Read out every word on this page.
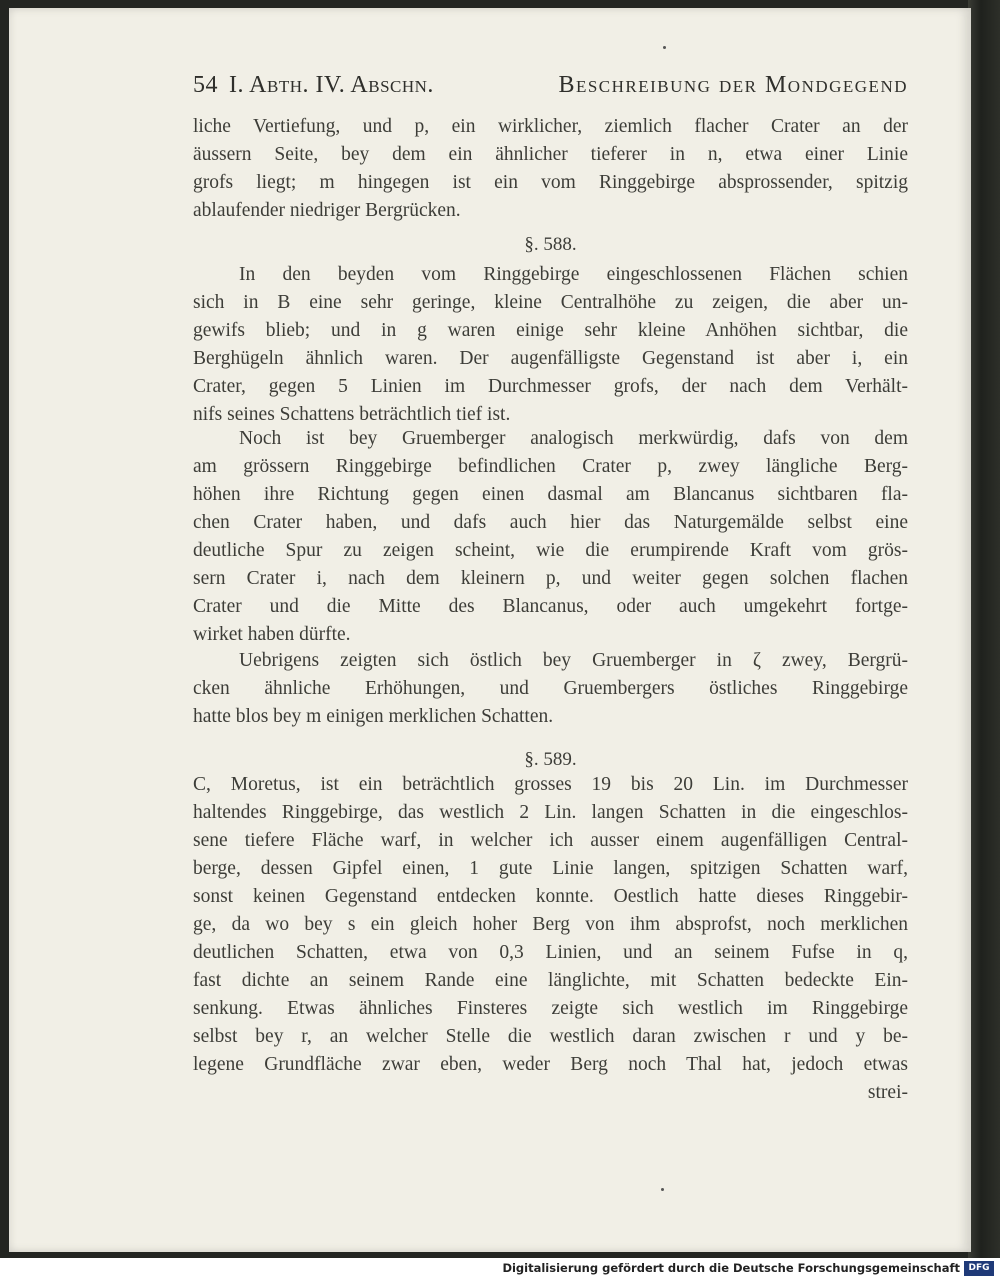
54 I. Abth. IV. Abschn.	Beschreibung der Mondgegend
liche Vertiefung, und p, ein wirklicher, ziemlich flacher Crater an der
äussern Seite, bey dem ein ähnlicher tieferer in n, etwa einer Linie
grofs liegt; m hingegen ist ein vom Ringgebirge absprossender, spitzig
ablaufender niedriger Bergrücken.
§. 588.
In den beyden vom Ringgebirge eingeschlossenen Flächen schien
sich in B eine sehr geringe, kleine Centralhöhe zu zeigen, die aber un-
gewifs blieb; und in g waren einige sehr kleine Anhöhen sichtbar, die
Berghügeln ähnlich waren. Der augenfälligste Gegenstand ist aber i, ein
Crater, gegen 5 Linien im Durchmesser grofs, der nach dem Verhält-
nifs seines Schattens beträchtlich tief ist.
Noch ist bey Gruemberger analogisch merkwürdig, dafs von dem
am grössern Ringgebirge befindlichen Crater p, zwey längliche Berg-
höhen ihre Richtung gegen einen dasmal am Blancanus sichtbaren fla-
chen Crater haben, und dafs auch hier das Naturgemälde selbst eine
deutliche Spur zu zeigen scheint, wie die erumpirende Kraft vom grös-
sern Crater i, nach dem kleinern p, und weiter gegen solchen flachen
Crater und die Mitte des Blancanus, oder auch umgekehrt fortge-
wirket haben dürfte.
Uebrigens zeigten sich östlich bey Gruemberger in ζ zwey, Bergrü-
cken ähnliche Erhöhungen, und Gruembergers östliches Ringgebirge
hatte blos bey m einigen merklichen Schatten.
§. 589.
C, Moretus, ist ein beträchtlich grosses 19 bis 20 Lin. im Durchmesser
haltendes Ringgebirge, das westlich 2 Lin. langen Schatten in die eingeschlos-
sene tiefere Fläche warf, in welcher ich ausser einem augenfälligen Central-
berge, dessen Gipfel einen, 1 gute Linie langen, spitzigen Schatten warf,
sonst keinen Gegenstand entdecken konnte. Oestlich hatte dieses Ringgebir-
ge, da wo bey s ein gleich hoher Berg von ihm absprofst, noch merklichen
deutlichen Schatten, etwa von 0,3 Linien, und an seinem Fufse in q,
fast dichte an seinem Rande eine länglichte, mit Schatten bedeckte Ein-
senkung. Etwas ähnliches Finsteres zeigte sich westlich im Ringgebirge
selbst bey r, an welcher Stelle die westlich daran zwischen r und y be-
legene Grundfläche zwar eben, weder Berg noch Thal hat, jedoch etwas
strei-
Digitalisierung gefördert durch die Deutsche Forschungsgemeinschaft DFG
